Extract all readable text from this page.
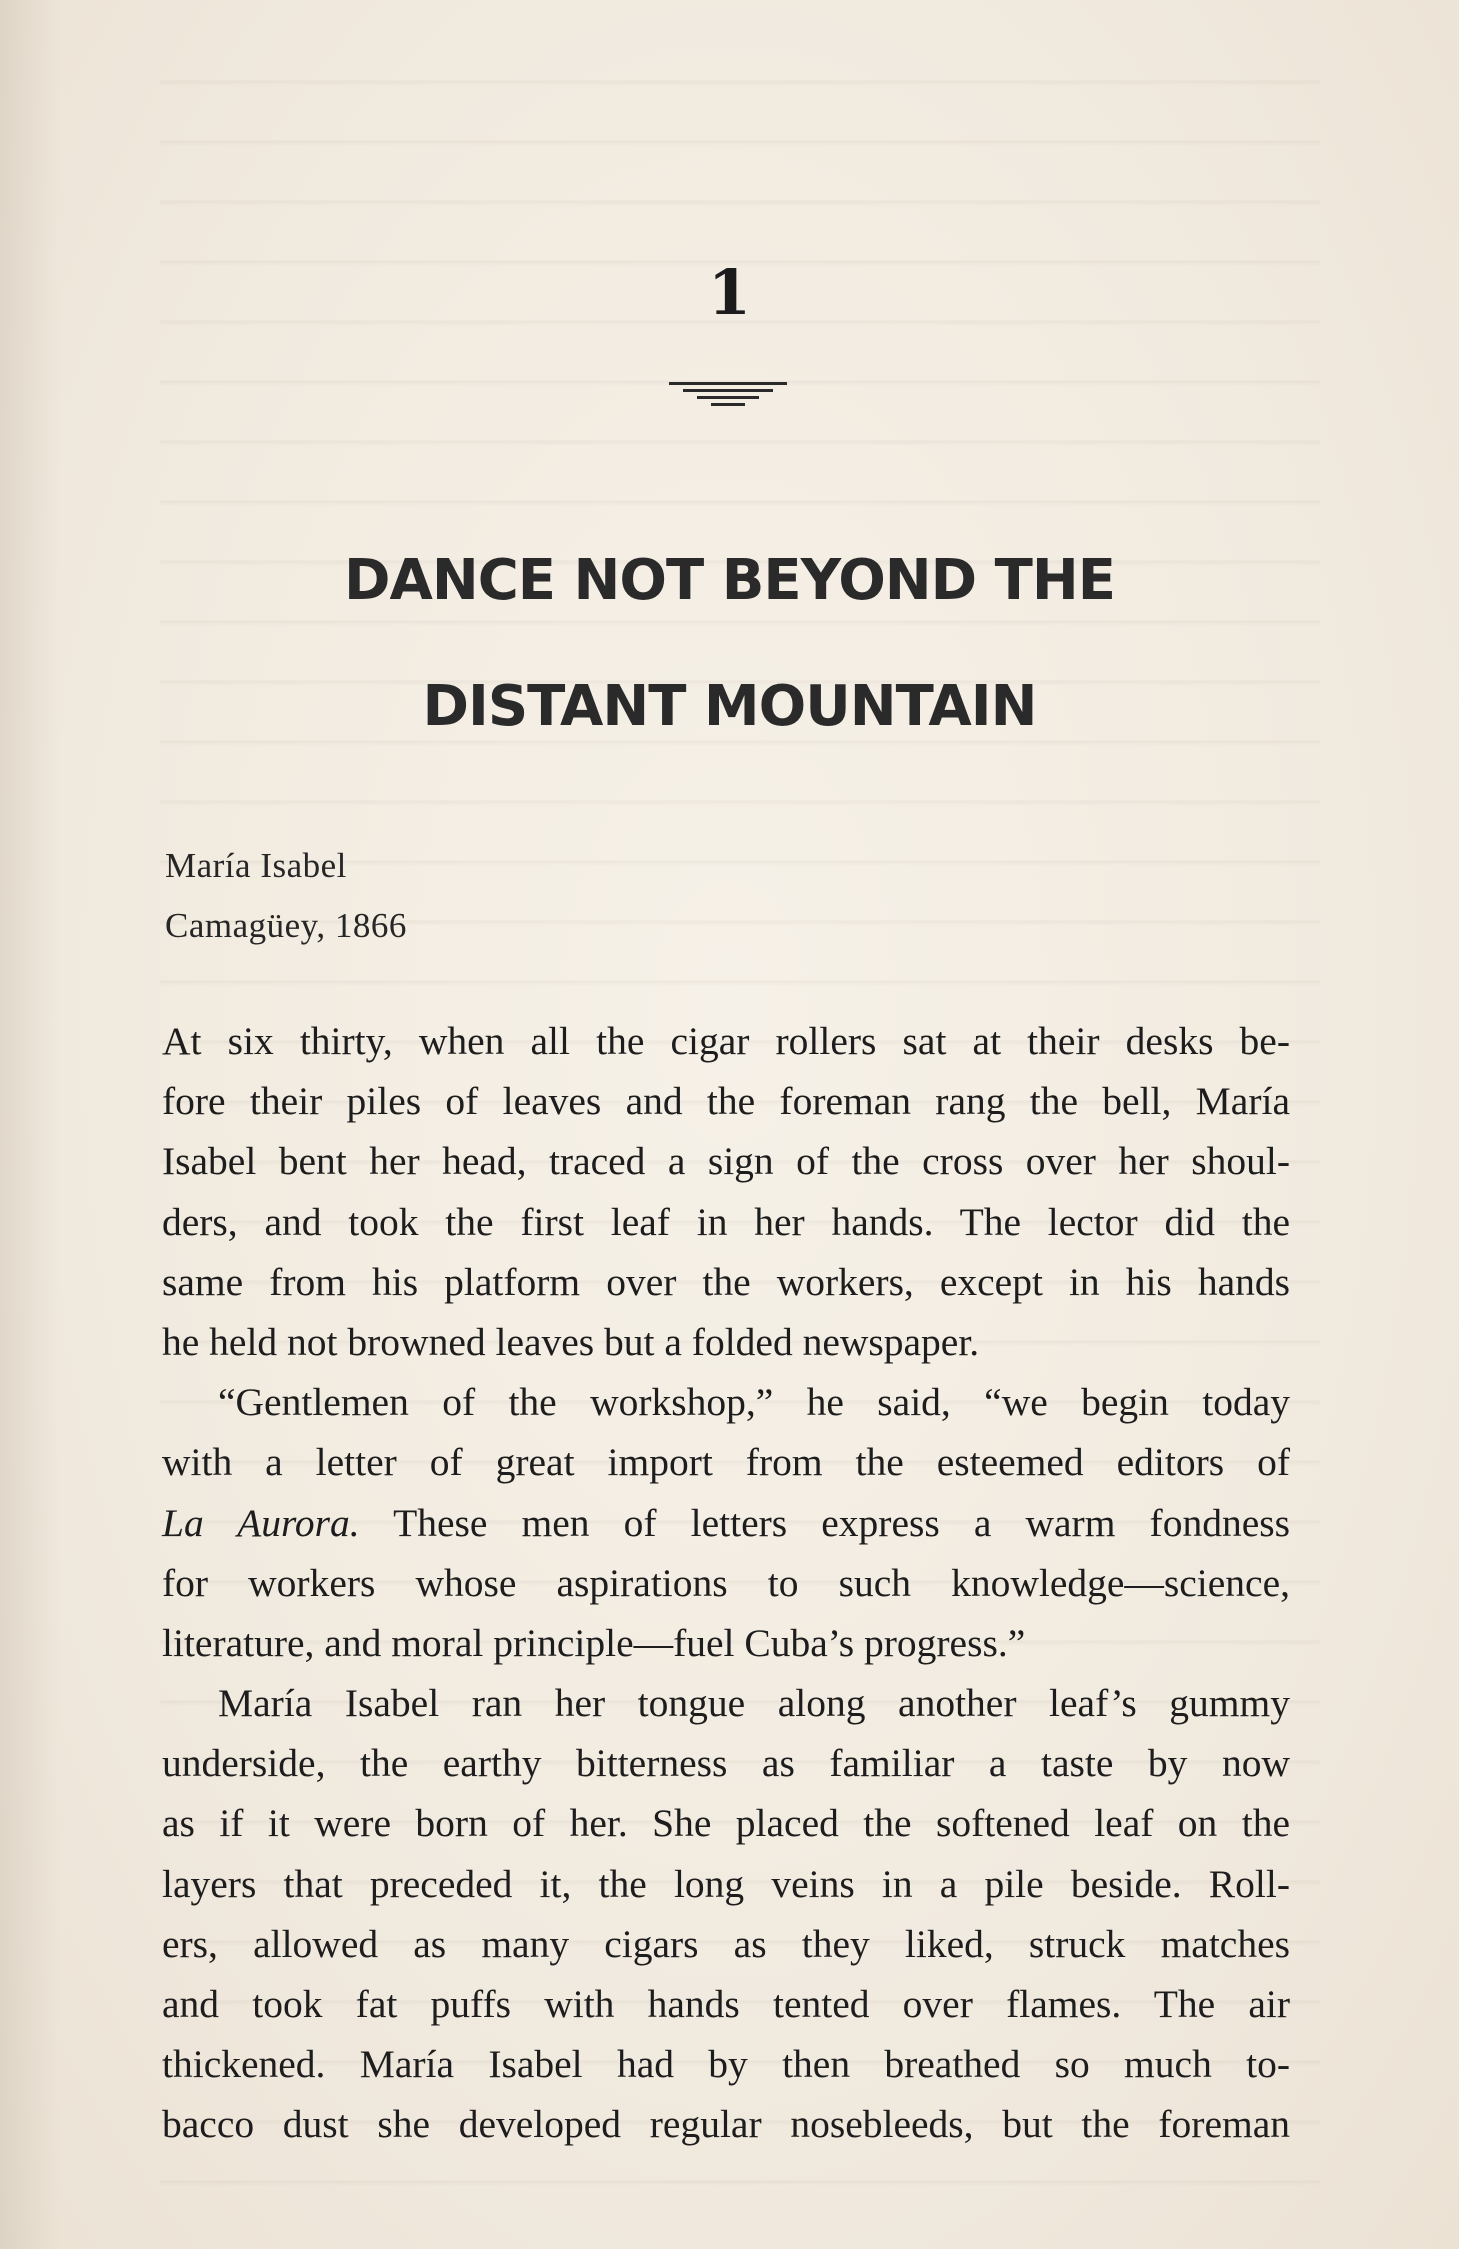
1
DANCE NOT BEYOND THE
DISTANT MOUNTAIN
María Isabel
Camagüey, 1866
At six thirty, when all the cigar rollers sat at their desks be-
fore their piles of leaves and the foreman rang the bell, María
Isabel bent her head, traced a sign of the cross over her shoul-
ders, and took the first leaf in her hands. The lector did the
same from his platform over the workers, except in his hands
he held not browned leaves but a folded newspaper.
“Gentlemen of the workshop,” he said, “we begin today
with a letter of great import from the esteemed editors of
La Aurora. These men of letters express a warm fondness
for workers whose aspirations to such knowledge—science,
literature, and moral principle—fuel Cuba’s progress.”
María Isabel ran her tongue along another leaf’s gummy
underside, the earthy bitterness as familiar a taste by now
as if it were born of her. She placed the softened leaf on the
layers that preceded it, the long veins in a pile beside. Roll-
ers, allowed as many cigars as they liked, struck matches
and took fat puffs with hands tented over flames. The air
thickened. María Isabel had by then breathed so much to-
bacco dust she developed regular nosebleeds, but the foreman
